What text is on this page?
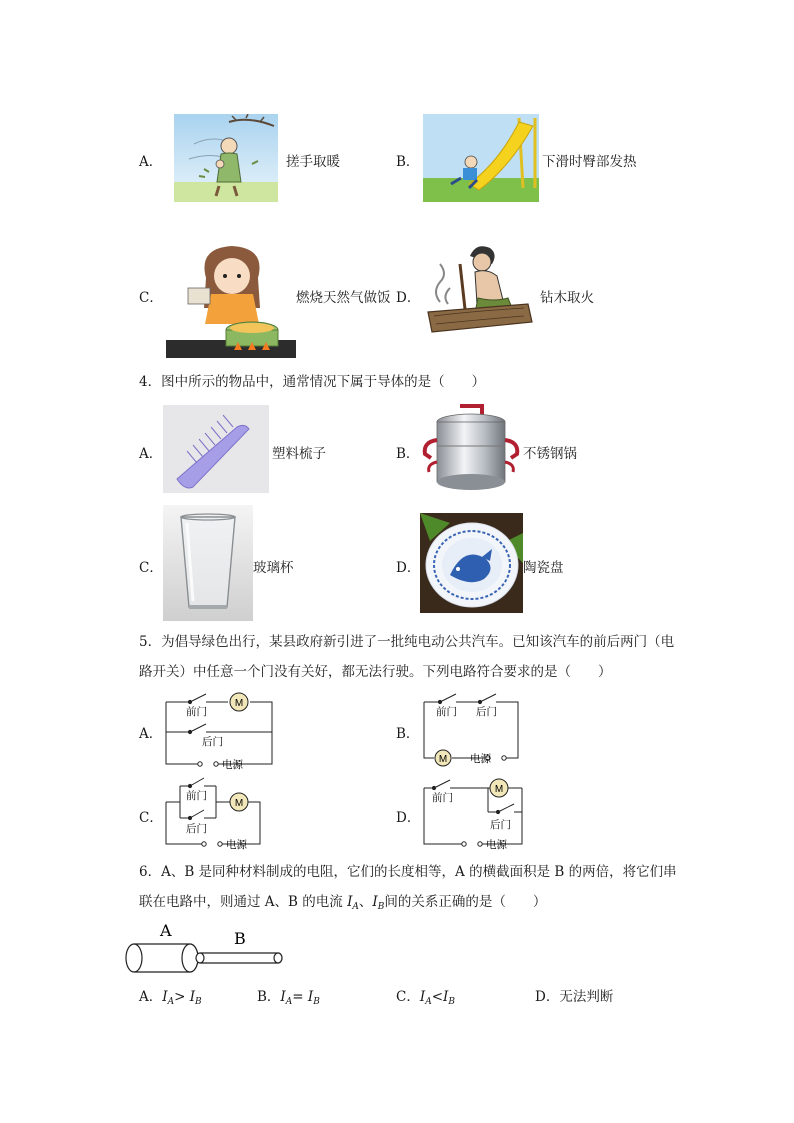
A．	搓手取暖	B．	下滑时臀部发热
C．	燃烧天然气做饭 D．	钻木取火
4．图中所示的物品中，通常情况下属于导体的是（　　）
A．	塑料梳子	B．	不锈钢锅
C．	玻璃杯	D．	陶瓷盘
5．为倡导绿色出行，某县政府新引进了一批纯电动公共汽车。已知该汽车的前后两门（电
路开关）中任意一个门没有关好，都无法行驶。下列电路符合要求的是（　　）
A．
M
前门
后门
电源
B．
M
前门 后门
电源
C．
M
前门
后门
电源
D．
M
前门
后门
电源
6．A、B 是同种材料制成的电阻，它们的长度相等，A 的横截面积是 B 的两倍，将它们串
联在电路中，则通过 A、B 的电流 $I_A$、$I_B$间的关系正确的是（　　）
A	B
A．$I_A> I_B$	B．$I_A= I_B$	C．$I_A<I_B$	D．无法判断
